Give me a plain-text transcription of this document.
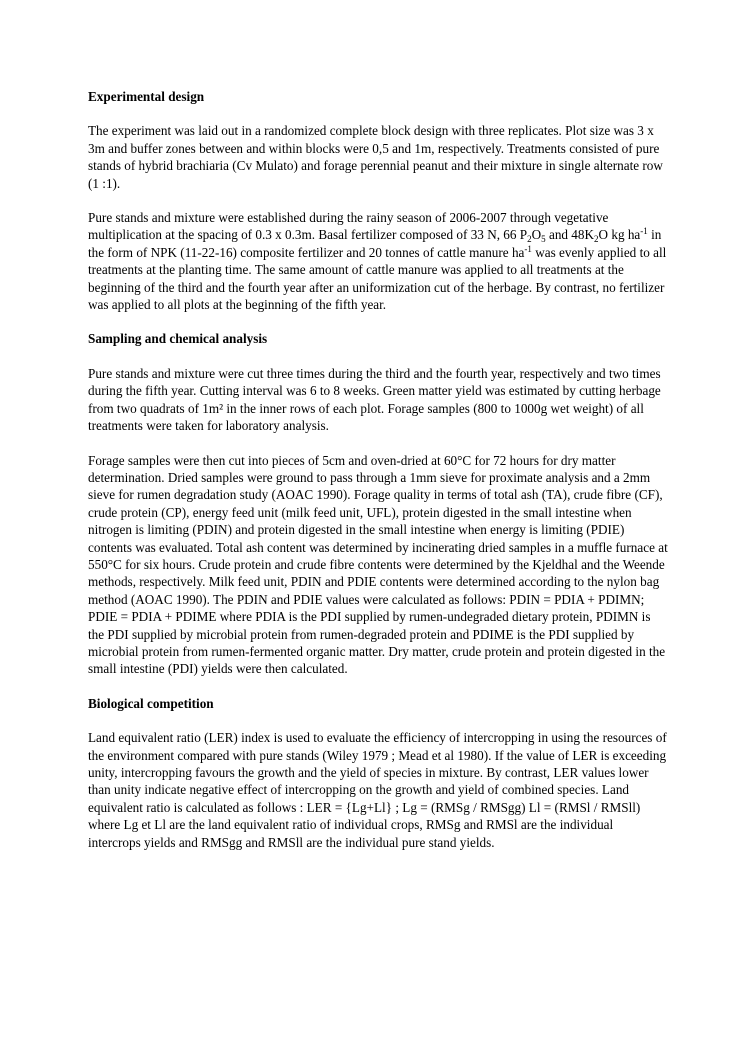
Experimental design

The experiment was laid out in a randomized complete block design with three replicates. Plot size was 3 x 3m and buffer zones between and within blocks were 0,5 and 1m, respectively. Treatments consisted of pure stands of hybrid brachiaria (Cv Mulato) and forage perennial peanut and their mixture in single alternate row (1 :1).

Pure stands and mixture were established during the rainy season of 2006-2007 through vegetative multiplication at the spacing of 0.3 x 0.3m. Basal fertilizer composed of 33 N, 66 $P_2O_5$ and $48K_2O$ kg $ha^{-1}$ in the form of NPK (11-22-16) composite fertilizer and 20 tonnes of cattle manure $ha^{-1}$ was evenly applied to all treatments at the planting time. The same amount of cattle manure was applied to all treatments at the beginning of the third and the fourth year after an uniformization cut of the herbage. By contrast, no fertilizer was applied to all plots at the beginning of the fifth year.

Sampling and chemical analysis

Pure stands and mixture were cut three times during the third and the fourth year, respectively and two times during the fifth year. Cutting interval was 6 to 8 weeks. Green matter yield was estimated by cutting herbage from two quadrats of 1m² in the inner rows of each plot. Forage samples (800 to 1000g wet weight) of all treatments were taken for laboratory analysis.

Forage samples were then cut into pieces of 5cm and oven-dried at 60°C for 72 hours for dry matter determination. Dried samples were ground to pass through a 1mm sieve for proximate analysis and a 2mm sieve for rumen degradation study (AOAC 1990). Forage quality in terms of total ash (TA), crude fibre (CF), crude protein (CP), energy feed unit (milk feed unit, UFL), protein digested in the small intestine when nitrogen is limiting (PDIN) and protein digested in the small intestine when energy is limiting (PDIE) contents was evaluated. Total ash content was determined by incinerating dried samples in a muffle furnace at 550°C for six hours. Crude protein and crude fibre contents were determined by the Kjeldhal and the Weende methods, respectively. Milk feed unit, PDIN and PDIE contents were determined according to the nylon bag method (AOAC 1990). The PDIN and PDIE values were calculated as follows: PDIN = PDIA + PDIMN; PDIE = PDIA + PDIME where PDIA is the PDI supplied by rumen-undegraded dietary protein, PDIMN is the PDI supplied by microbial protein from rumen-degraded protein and PDIME is the PDI supplied by microbial protein from rumen-fermented organic matter. Dry matter, crude protein and protein digested in the small intestine (PDI) yields were then calculated.

Biological competition

Land equivalent ratio (LER) index is used to evaluate the efficiency of intercropping in using the resources of the environment compared with pure stands (Wiley 1979 ; Mead et al 1980). If the value of LER is exceeding unity, intercropping favours the growth and the yield of species in mixture. By contrast, LER values lower than unity indicate negative effect of intercropping on the growth and yield of combined species. Land equivalent ratio is calculated as follows : LER = {Lg+Ll} ; Lg = (RMSg / RMSgg) Ll = (RMSl / RMSll) where Lg et Ll are the land equivalent ratio of individual crops, RMSg and RMSl are the individual intercrops yields and RMSgg and RMSll are the individual pure stand yields.
